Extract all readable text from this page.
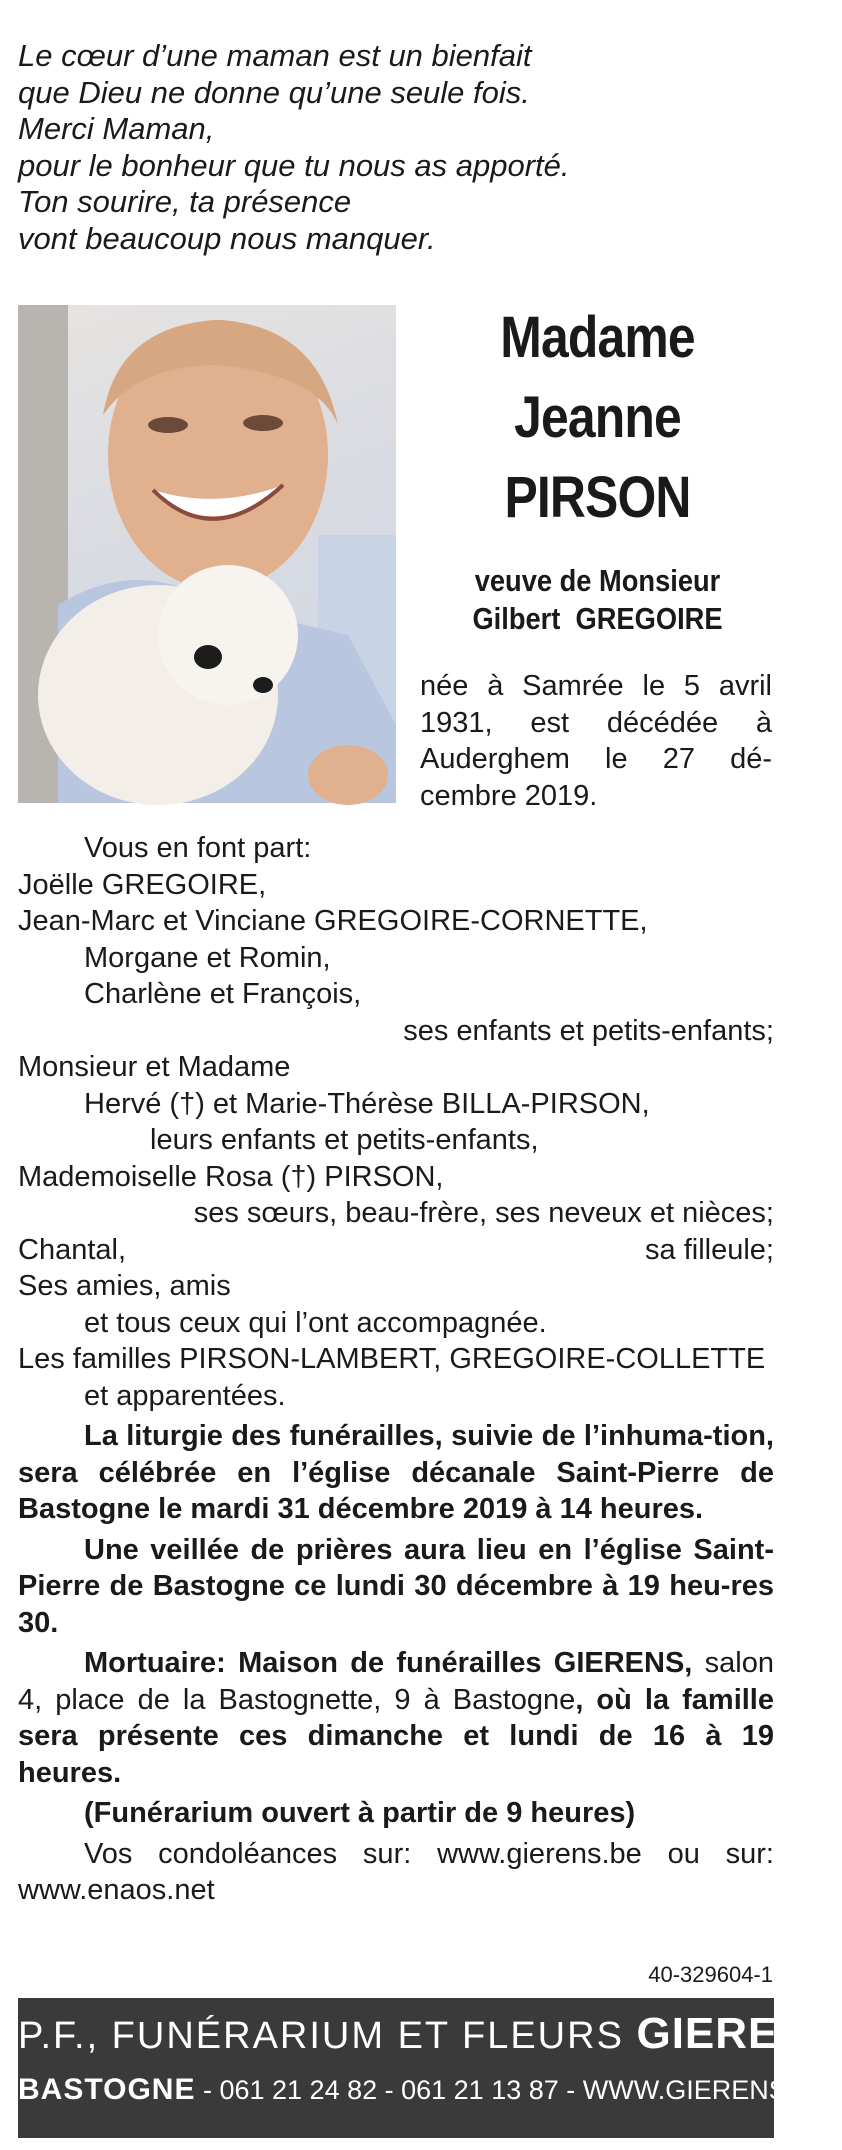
Le cœur d’une maman est un bienfait
que Dieu ne donne qu’une seule fois.
Merci Maman,
pour le bonheur que tu nous as apporté.
Ton sourire, ta présence
vont beaucoup nous manquer.
Madame
Jeanne
PIRSON
veuve de Monsieur
Gilbert  GREGOIRE
née à Samrée le 5 avril
1931, est décédée à
Auderghem le 27 dé-
cembre 2019.
Vous en font part:
Joëlle GREGOIRE,
Jean-Marc et Vinciane GREGOIRE-CORNETTE,
Morgane et Romin,
Charlène et François,
ses enfants et petits-enfants;
Monsieur et Madame
Hervé (†) et Marie-Thérèse BILLA-PIRSON,
leurs enfants et petits-enfants,
Mademoiselle Rosa (†) PIRSON,
ses sœurs, beau-frère, ses neveux et nièces;
Chantal,	sa filleule;
Ses amies, amis
et tous ceux qui l’ont accompagnée.
Les familles PIRSON-LAMBERT, GREGOIRE-COLLETTE
et apparentées.

La liturgie des funérailles, suivie de l’inhuma-tion, sera célébrée en l’église décanale Saint-Pierre de Bastogne le mardi 31 décembre 2019 à 14 heures.

Une veillée de prières aura lieu en l’église Saint-Pierre de Bastogne ce lundi 30 décembre à 19 heu-res 30.

Mortuaire: Maison de funérailles GIERENS, salon 4, place de la Bastognette, 9 à Bastogne, où la famille sera présente ces dimanche et lundi de 16 à 19 heures.

(Funérarium ouvert à partir de 9 heures)

Vos condoléances sur: www.gierens.be ou sur: www.enaos.net

40-329604-1
P.F., FUNÉRARIUM ET FLEURS GIERENS
BASTOGNE - 061 21 24 82 - 061 21 13 87 - WWW.GIERENS.BE
